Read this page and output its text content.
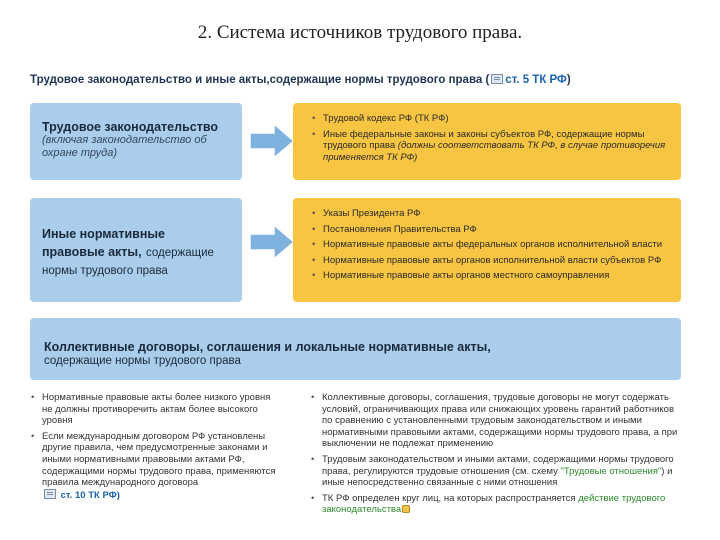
2. Система источников трудового права.
Трудовое законодательство и иные акты,содержащие нормы трудового права ( ст. 5 ТК РФ)
Трудовое законодательство
(включая законодательство об охране труда)
• Трудовой кодекс РФ (ТК РФ)
• Иные федеральные законы и законы субъектов РФ, содержащие нормы трудового права (должны соответствовать ТК РФ, в случае противоречия применяется ТК РФ)
Иные нормативные правовые акты, содержащие нормы трудового права
• Указы Президента РФ
• Постановления Правительства РФ
• Нормативные правовые акты федеральных органов исполнительной власти
• Нормативные правовые акты органов исполнительной власти субъектов РФ
• Нормативные правовые акты органов местного самоуправления
Коллективные договоры, соглашения и локальные нормативные акты,
содержащие нормы трудового права
• Нормативные правовые акты более низкого уровня не должны противоречить актам более высокого уровня
• Если международным договором РФ установлены другие правила, чем предусмотренные законами и иными нормативными правовыми актами РФ, содержащими нормы трудового права, применяются правила международного договора
ст. 10 ТК РФ)
• Коллективные договоры, соглашения, трудовые договоры не могут содержать условий, ограничивающих права или снижающих уровень гарантий работников по сравнению с установленными трудовым законодательством и иными нормативными правовыми актами, содержащими нормы трудового права, а при выключении не подлежат применению
• Трудовым законодательством и иными актами, содержащими нормы трудового права, регулируются трудовые отношения (см. схему "Трудовые отношения") и иные непосредственно связанные с ними отношения
• ТК РФ определен круг лиц, на которых распространяется действие трудового законодательства
